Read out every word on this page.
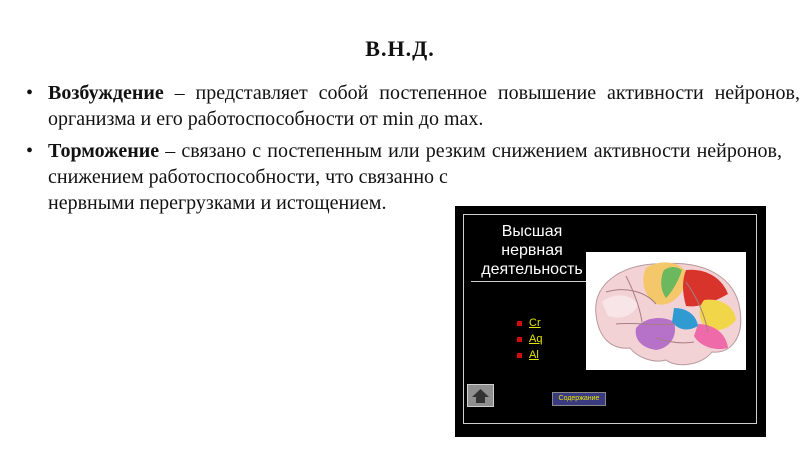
В.Н.Д.
• Возбуждение – представляет собой постепенное повышение активности нейронов, организма и его работоспособности от min до max.
• Торможение – связано с постепенным или резким снижением активности нейронов, снижением работоспособности, что связанно с
нервными перегрузками и истощением.
Высшая нервная деятельность
Cr
Aq
Al
Содержание
